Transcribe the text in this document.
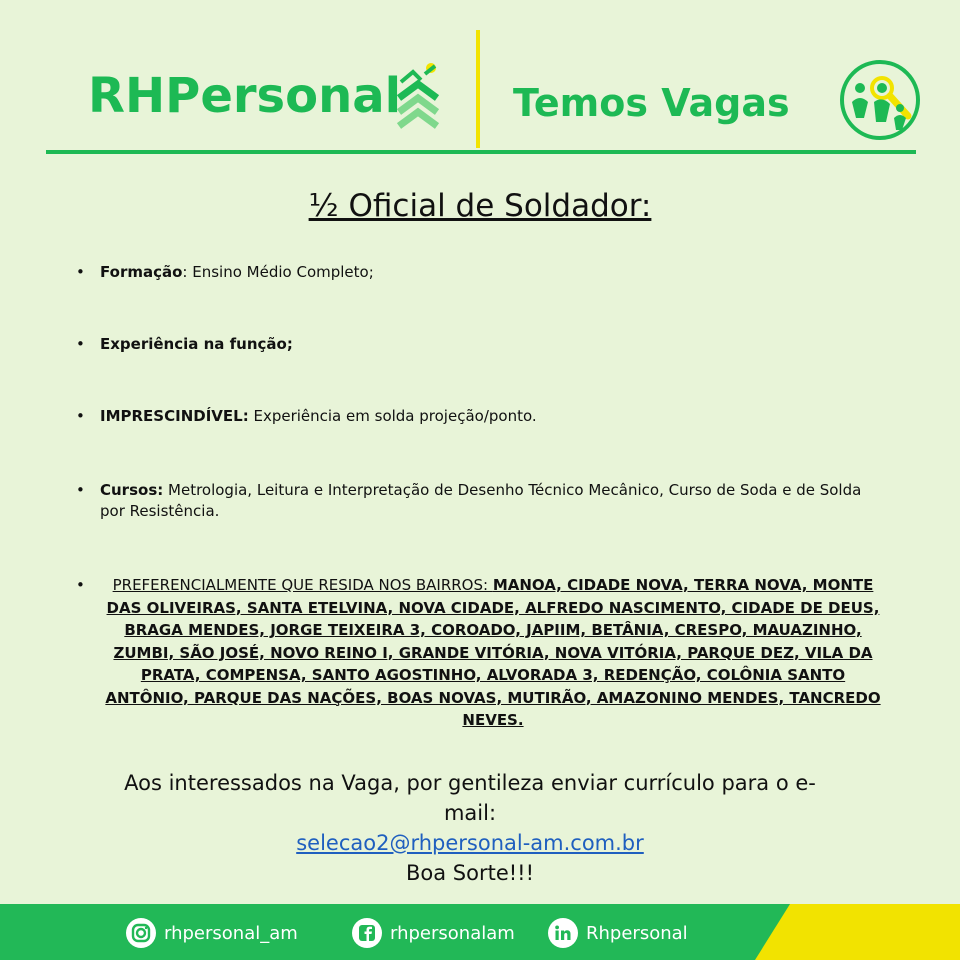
RHPersonal	Temos Vagas
½ Oficial de Soldador:
• Formação: Ensino Médio Completo;
• Experiência na função;
• IMPRESCINDÍVEL: Experiência em solda projeção/ponto.
• Cursos: Metrologia, Leitura e Interpretação de Desenho Técnico Mecânico, Curso de Soda e de Solda por Resistência.
•	PREFERENCIALMENTE QUE RESIDA NOS BAIRROS: MANOA, CIDADE NOVA, TERRA NOVA, MONTE DAS OLIVEIRAS, SANTA ETELVINA, NOVA CIDADE, ALFREDO NASCIMENTO, CIDADE DE DEUS, BRAGA MENDES, JORGE TEIXEIRA 3, COROADO, JAPIIM, BETÂNIA, CRESPO, MAUAZINHO, ZUMBI, SÃO JOSÉ, NOVO REINO I, GRANDE VITÓRIA, NOVA VITÓRIA, PARQUE DEZ, VILA DA PRATA, COMPENSA, SANTO AGOSTINHO, ALVORADA 3, REDENÇÃO, COLÔNIA SANTO ANTÔNIO, PARQUE DAS NAÇÕES, BOAS NOVAS, MUTIRÃO, AMAZONINO MENDES, TANCREDO NEVES.
Aos interessados na Vaga, por gentileza enviar currículo para o e-mail:
selecao2@rhpersonal-am.com.br
Boa Sorte!!!
rhpersonal_am	rhpersonalam	Rhpersonal
